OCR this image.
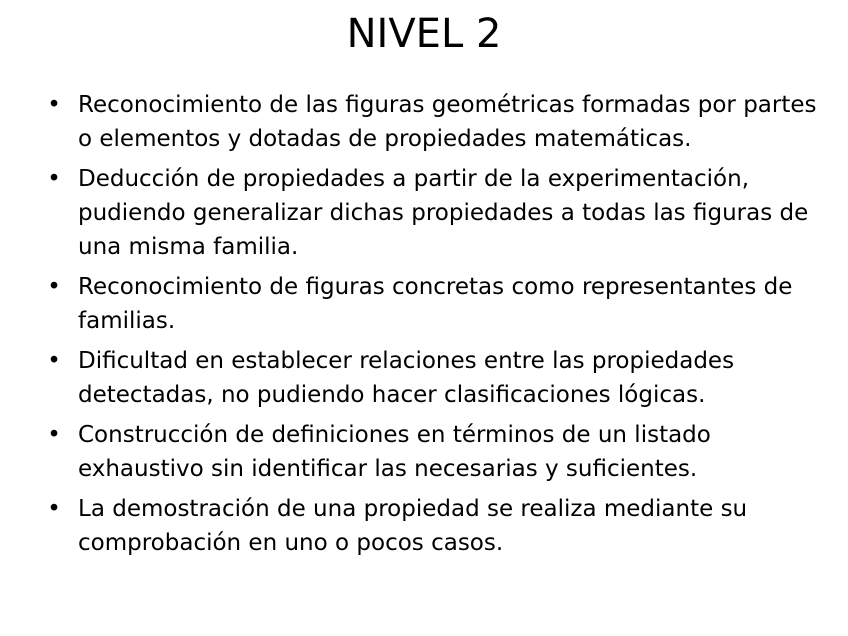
NIVEL 2
• Reconocimiento de las figuras geométricas formadas por partes o elementos y dotadas de propiedades matemáticas.
• Deducción de propiedades a partir de la experimentación, pudiendo generalizar dichas propiedades a todas las figuras de una misma familia.
• Reconocimiento de figuras concretas como representantes de familias.
• Dificultad en establecer relaciones entre las propiedades detectadas, no pudiendo hacer clasificaciones lógicas.
• Construcción de definiciones en términos de un listado exhaustivo sin identificar las necesarias y suficientes.
• La demostración de una propiedad se realiza mediante su comprobación en uno o pocos casos.
